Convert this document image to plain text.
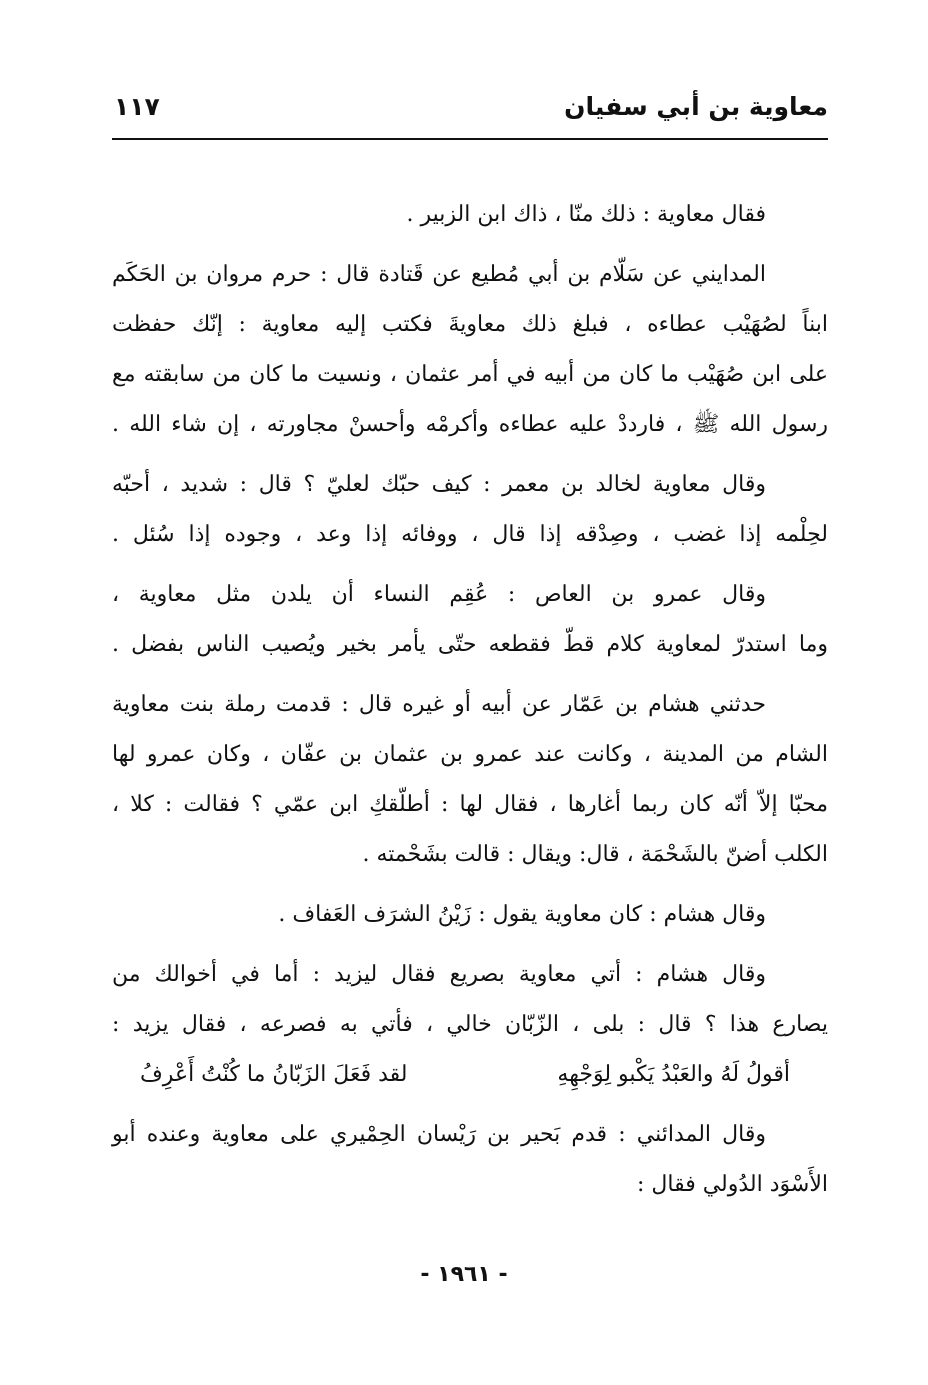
معاوية بن أبي سفيان
١١٧
فقال معاوية : ذلك منّا ، ذاك ابن الزبير .
المدايني عن سَلّام بن أبي مُطيع عن قَتادة قال : حرم مروان بن الحَكَم
ابناً لصُهَيْب عطاءه ، فبلغ ذلك معاويةَ فكتب إليه معاوية : إنّك حفظت
على ابن صُهَيْب ما كان من أبيه في أمر عثمان ، ونسيت ما كان من سابقته مع
رسول الله ﷺ ، فارددْ عليه عطاءه وأكرمْه وأحسنْ مجاورته ، إن شاء الله .
وقال معاوية لخالد بن معمر : كيف حبّك لعليّ ؟ قال : شديد ، أحبّه
لحِلْمه إذا غضب ، وصِدْقه إذا قال ، ووفائه إذا وعد ، وجوده إذا سُئل .
وقال عمرو بن العاص : عُقِم النساء أن يلدن مثل معاوية ،
وما استدرّ لمعاوية كلام قطّ فقطعه حتّى يأمر بخير ويُصيب الناس بفضل .
حدثني هشام بن عَمّار عن أبيه أو غيره قال : قدمت رملة بنت معاوية
الشام من المدينة ، وكانت عند عمرو بن عثمان بن عفّان ، وكان عمرو لها
محبّا إلاّ أنّه كان ربما أغارها ، فقال لها : أطلّقكِ ابن عمّي ؟ فقالت : كلا ،
الكلب أضنّ بالشَحْمَة ، قال: ويقال : قالت بشَحْمته .
وقال هشام : كان معاوية يقول : زَيْنُ الشرَف العَفاف .
وقال هشام : أتي معاوية بصريع فقال ليزيد : أما في أخوالك من
يصارع هذا ؟ قال : بلى ، الزّبّان خالي ، فأتي به فصرعه ، فقال يزيد :
أقولُ لَهُ والعَبْدُ يَكْبو لِوَجْهِهِ
لقد فَعَلَ الزَبّانُ ما كُنْتُ أَعْرِفُ
وقال المدائني : قدم بَحير بن رَيْسان الحِمْيري على معاوية وعنده أبو
الأَسْوَد الدُولي فقال :
- ١٩٦١ -
